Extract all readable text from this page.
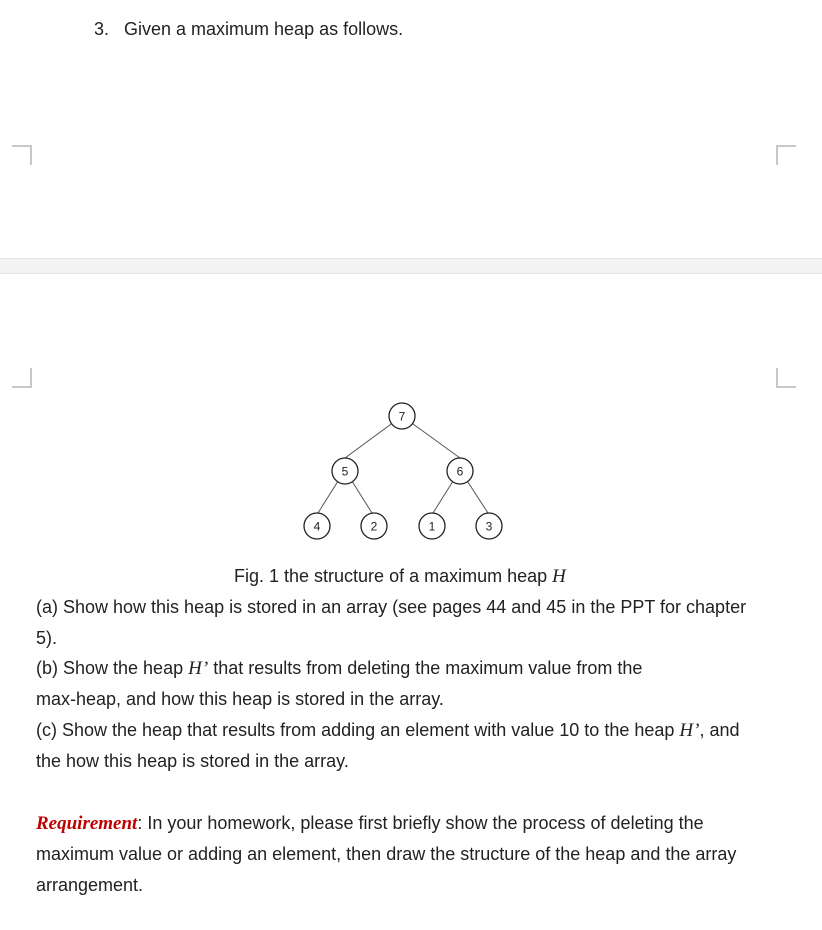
3. Given a maximum heap as follows.
7
5	6
4	2	1	3
Fig. 1 the structure of a maximum heap H
(a) Show how this heap is stored in an array (see pages 44 and 45 in the PPT for chapter
5).
(b) Show the heap H’ that results from deleting the maximum value from the
max-heap, and how this heap is stored in the array.
(c) Show the heap that results from adding an element with value 10 to the heap H’, and
the how this heap is stored in the array.
Requirement: In your homework, please first briefly show the process of deleting the maximum value or adding an element, then draw the structure of the heap and the array arrangement.
